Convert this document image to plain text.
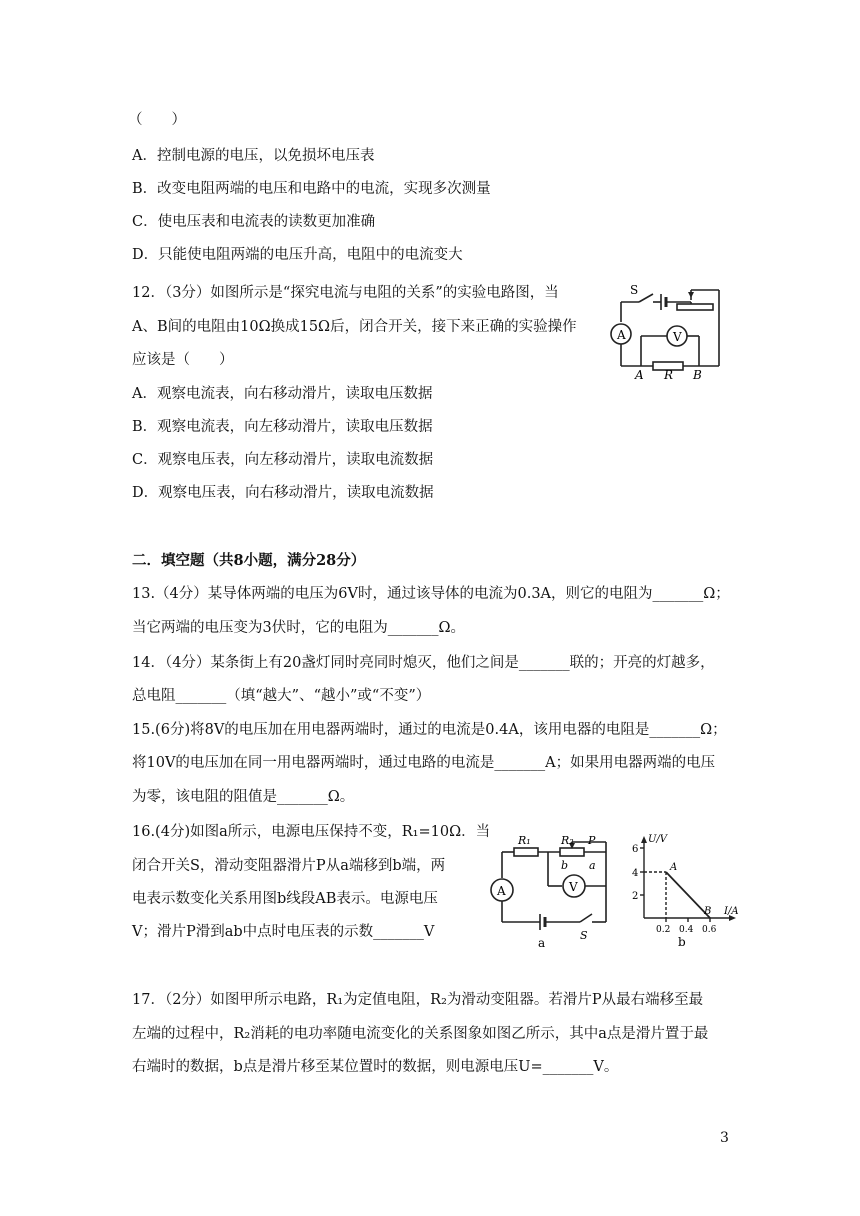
（　　）
A．控制电源的电压，以免损坏电压表
B．改变电阻两端的电压和电路中的电流，实现多次测量
C．使电压表和电流表的读数更加准确
D．只能使电阻两端的电压升高，电阻中的电流变大
12．（3分）如图所示是“探究电流与电阻的关系”的实验电路图，当
A、B间的电阻由10Ω换成15Ω后，闭合开关，接下来正确的实验操作
应该是（　　）
A．观察电流表，向右移动滑片，读取电压数据
B．观察电流表，向左移动滑片，读取电压数据
C．观察电压表，向左移动滑片，读取电流数据
D．观察电压表，向右移动滑片，读取电流数据
S
A	V
A R B
二．填空题（共8小题，满分28分）
13.（4分）某导体两端的电压为6V时，通过该导体的电流为0.3A，则它的电阻为_______Ω；
当它两端的电压变为3伏时，它的电阻为_______Ω。
14．（4分）某条街上有20盏灯同时亮同时熄灭，他们之间是_______联的；开亮的灯越多，
总电阻_______（填“越大”、“越小”或“不变”）
15.(6分)将8V的电压加在用电器两端时，通过的电流是0.4A，该用电器的电阻是_______Ω；
将10V的电压加在同一用电器两端时，通过电路的电流是_______A；如果用电器两端的电压
为零，该电阻的阻值是_______Ω。
16.(4分)如图a所示，电源电压保持不变，R₁=10Ω．当
闭合开关S，滑动变阻器滑片P从a端移到b端，两
电表示数变化关系用图b线段AB表示。电源电压
V；滑片P滑到ab中点时电压表的示数_______V
R₁	R₂ P
b a
A	V
S
a
U/V
I/A
6
4
2
0.2 0.4 0.6
A
B
b
17．（2分）如图甲所示电路，R₁为定值电阻，R₂为滑动变阻器。若滑片P从最右端移至最
左端的过程中，R₂消耗的电功率随电流变化的关系图象如图乙所示，其中a点是滑片置于最
右端时的数据，b点是滑片移至某位置时的数据，则电源电压U=_______V。
3
